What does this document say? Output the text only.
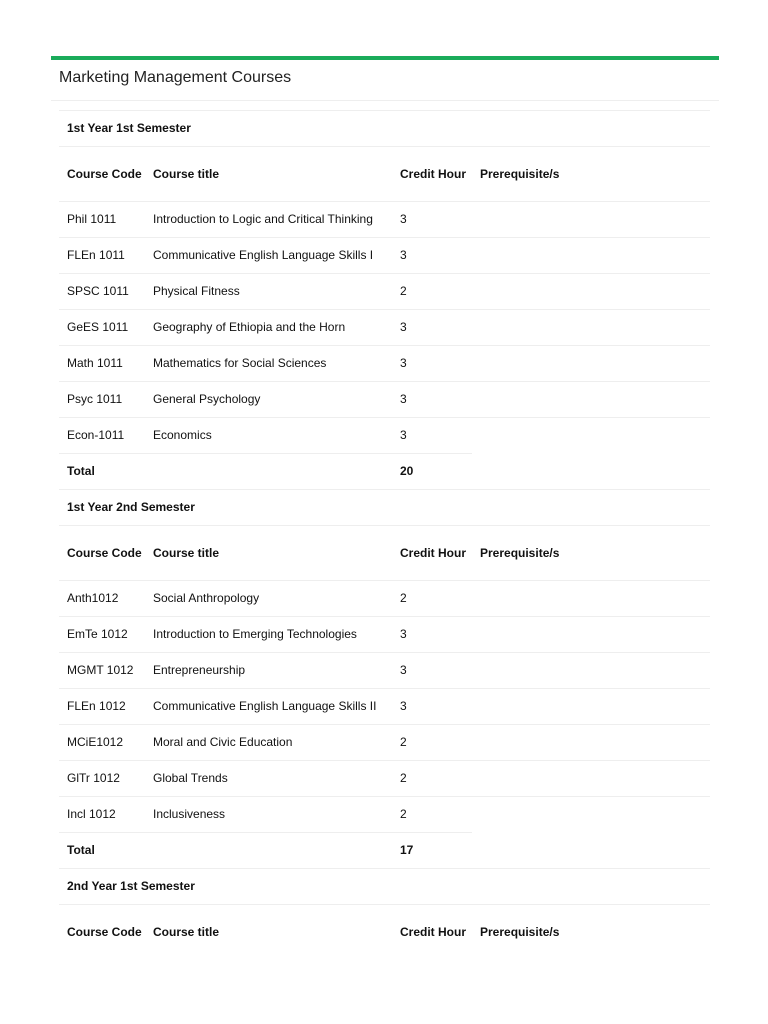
Marketing Management Courses
1st Year 1st Semester			
Course Code	Course title	Credit Hour	Prerequisite/s
Phil 1011	Introduction to Logic and Critical Thinking	3	
FLEn 1011	Communicative English Language Skills I	3	
SPSC 1011	Physical Fitness	2	
GeES 1011	Geography of Ethiopia and the Horn	3	
Math 1011	Mathematics for Social Sciences	3	
Psyc 1011	General Psychology	3	
Econ-1011	Economics	3	
Total		20	
1st Year 2nd Semester			
Course Code	Course title	Credit Hour	Prerequisite/s
Anth1012	Social Anthropology	2	
EmTe 1012	Introduction to Emerging Technologies	3	
MGMT 1012	Entrepreneurship	3	
FLEn 1012	Communicative English Language Skills II	3	
MCiE1012	Moral and Civic Education	2	
GlTr 1012	Global Trends	2	
Incl 1012	Inclusiveness	2	
Total		17	
2nd Year 1st Semester			
Course Code	Course title	Credit Hour	Prerequisite/s
